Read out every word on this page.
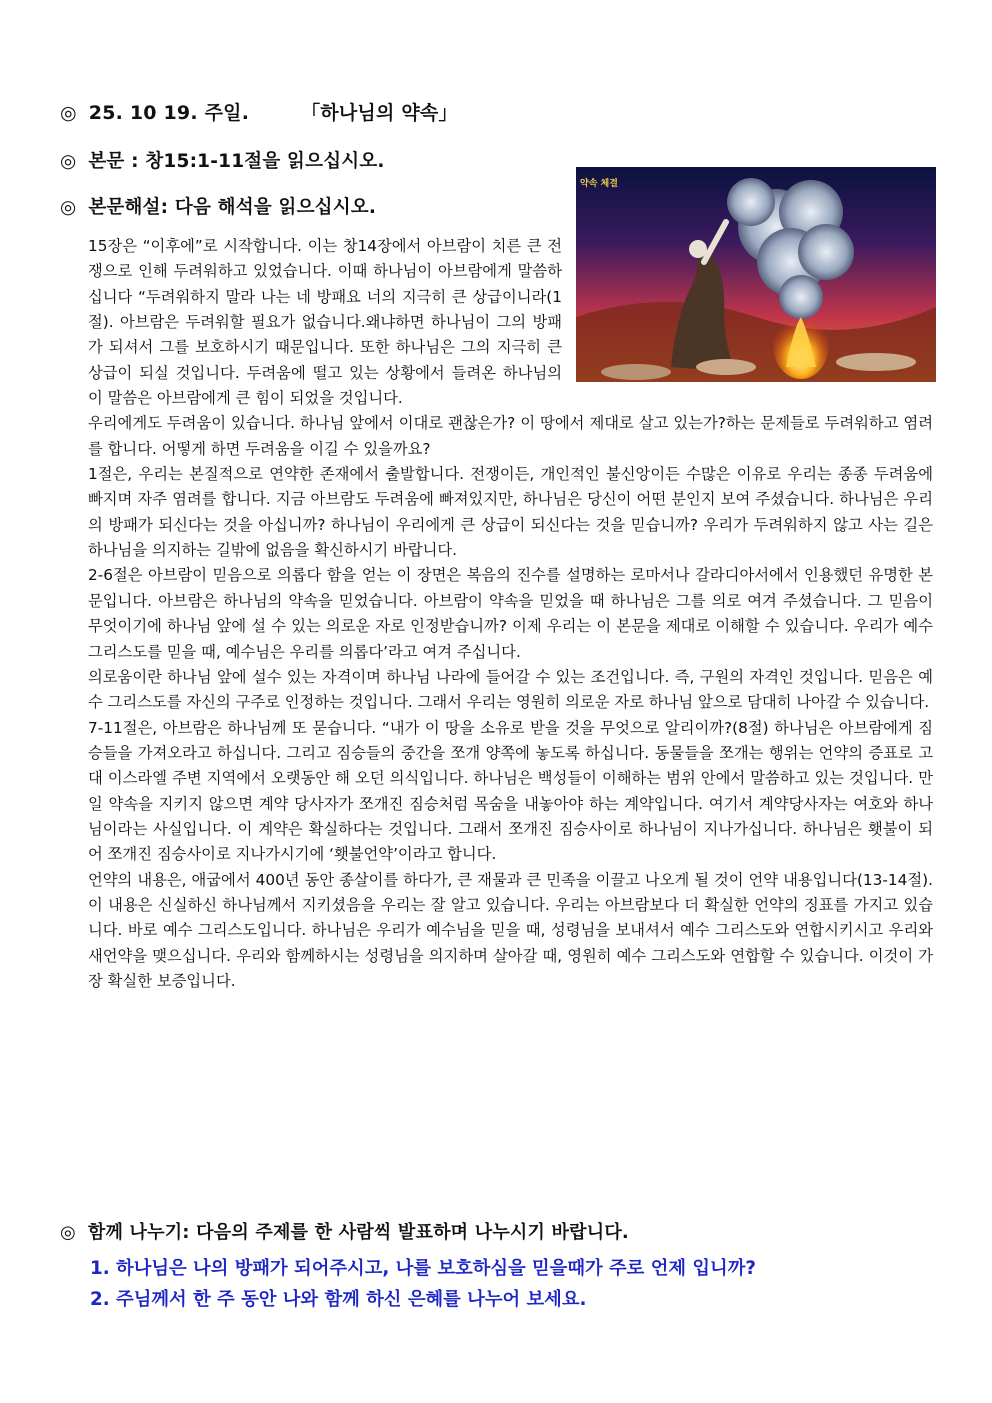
◎ 25. 10 19. 주일.	「하나님의 약속」
◎ 본문 : 창15:1-11절을 읽으십시오.
◎ 본문해설: 다음 해석을 읽으십시오.
약속 체결

15장은 “이후에”로 시작합니다. 이는 창14장에서 아브람이 치른 큰 전쟁으로 인해 두려워하고 있었습니다. 이때 하나님이 아브람에게 말씀하십니다 “두려워하지 말라 나는 네 방패요 너의 지극히 큰 상급이니라(1절). 아브람은 두려워할 필요가 없습니다.왜냐하면 하나님이 그의 방패가 되셔서 그를 보호하시기 때문입니다. 또한 하나님은 그의 지극히 큰 상급이 되실 것입니다. 두려움에 떨고 있는 상황에서 들려온 하나님의 이 말씀은 아브람에게 큰 힘이 되었을 것입니다.

우리에게도 두려움이 있습니다. 하나님 앞에서 이대로 괜찮은가? 이 땅에서 제대로 살고 있는가?하는 문제들로 두려워하고 염려를 합니다. 어떻게 하면 두려움을 이길 수 있을까요?

1절은, 우리는 본질적으로 연약한 존재에서 출발합니다. 전쟁이든, 개인적인 불신앙이든 수많은 이유로 우리는 종종 두려움에 빠지며 자주 염려를 합니다. 지금 아브람도 두려움에 빠져있지만, 하나님은 당신이 어떤 분인지 보여 주셨습니다. 하나님은 우리의 방패가 되신다는 것을 아십니까? 하나님이 우리에게 큰 상급이 되신다는 것을 믿습니까? 우리가 두려워하지 않고 사는 길은 하나님을 의지하는 길밖에 없음을 확신하시기 바랍니다.

2-6절은 아브람이 믿음으로 의롭다 함을 얻는 이 장면은 복음의 진수를 설명하는 로마서나 갈라디아서에서 인용했던 유명한 본문입니다. 아브람은 하나님의 약속을 믿었습니다. 아브람이 약속을 믿었을 때 하나님은 그를 의로 여겨 주셨습니다. 그 믿음이 무엇이기에 하나님 앞에 설 수 있는 의로운 자로 인정받습니까? 이제 우리는 이 본문을 제대로 이해할 수 있습니다. 우리가 예수 그리스도를 믿을 때, 예수님은 우리를 의롭다’라고 여겨 주십니다.

의로움이란 하나님 앞에 설수 있는 자격이며 하나님 나라에 들어갈 수 있는 조건입니다. 즉, 구원의 자격인 것입니다. 믿음은 예수 그리스도를 자신의 구주로 인정하는 것입니다. 그래서 우리는 영원히 의로운 자로 하나님 앞으로 담대히 나아갈 수 있습니다.

7-11절은, 아브람은 하나님께 또 묻습니다. “내가 이 땅을 소유로 받을 것을 무엇으로 알리이까?(8절) 하나님은 아브람에게 짐승들을 가져오라고 하십니다. 그리고 짐승들의 중간을 쪼개 양쪽에 놓도록 하십니다. 동물들을 쪼개는 행위는 언약의 증표로 고대 이스라엘 주변 지역에서 오랫동안 해 오던 의식입니다. 하나님은 백성들이 이해하는 범위 안에서 말씀하고 있는 것입니다. 만일 약속을 지키지 않으면 계약 당사자가 쪼개진 짐승처럼 목숨을 내놓아야 하는 계약입니다. 여기서 계약당사자는 여호와 하나님이라는 사실입니다. 이 계약은 확실하다는 것입니다. 그래서 쪼개진 짐승사이로 하나님이 지나가십니다. 하나님은 횃불이 되어 쪼개진 짐승사이로 지나가시기에 ‘횃불언약’이라고 합니다.

언약의 내용은, 애굽에서 400년 동안 종살이를 하다가, 큰 재물과 큰 민족을 이끌고 나오게 될 것이 언약 내용입니다(13-14절). 이 내용은 신실하신 하나님께서 지키셨음을 우리는 잘 알고 있습니다. 우리는 아브람보다 더 확실한 언약의 징표를 가지고 있습니다. 바로 예수 그리스도입니다. 하나님은 우리가 예수님을 믿을 때, 성령님을 보내셔서 예수 그리스도와 연합시키시고 우리와 새언약을 맺으십니다. 우리와 함께하시는 성령님을 의지하며 살아갈 때, 영원히 예수 그리스도와 연합할 수 있습니다. 이것이 가장 확실한 보증입니다.

◎ 함께 나누기: 다음의 주제를 한 사람씩 발표하며 나누시기 바랍니다.
1. 하나님은 나의 방패가 되어주시고, 나를 보호하심을 믿을때가 주로 언제 입니까?
2. 주님께서 한 주 동안 나와 함께 하신 은혜를 나누어 보세요.
